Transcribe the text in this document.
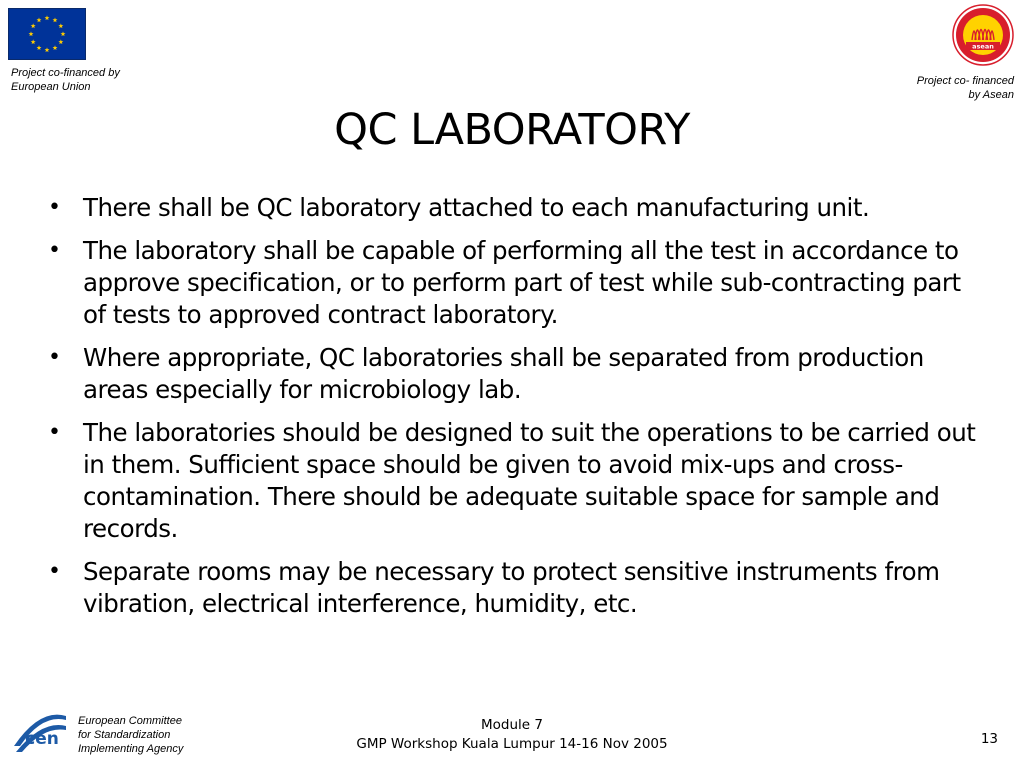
Project co-financed by
European Union
asean
Project co- financed
by Asean
QC LABORATORY
• There shall be QC laboratory attached to each manufacturing unit.
• The laboratory shall be capable of performing all the test in accordance to approve specification, or to perform part of test while sub-contracting part of tests to approved contract laboratory.
• Where appropriate, QC laboratories shall be separated from production areas especially for microbiology lab.
• The laboratories should be designed to suit the operations to be carried out in them. Sufficient space should be given to avoid mix-ups and cross-contamination. There should be adequate suitable space for sample and records.
• Separate rooms may be necessary to protect sensitive instruments from vibration, electrical interference, humidity, etc.
cen
European Committee
for Standardization
Implementing Agency
Module 7
GMP Workshop Kuala Lumpur 14-16 Nov 2005	13
